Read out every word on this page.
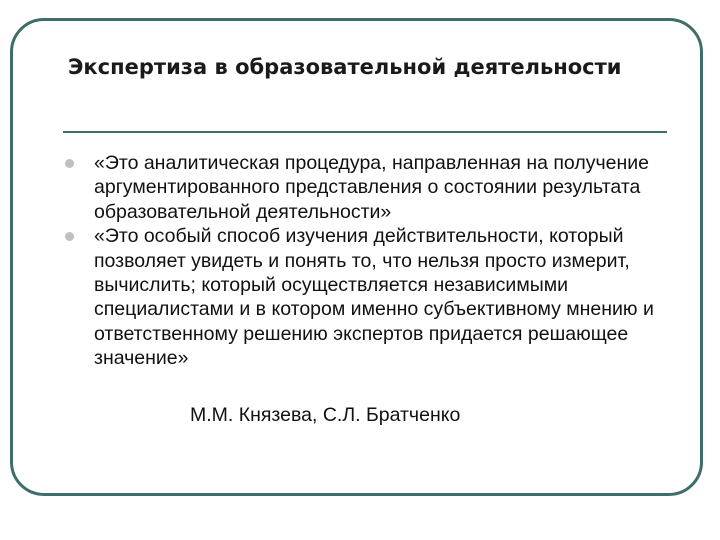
Экспертиза в образовательной деятельности
«Это аналитическая процедура, направленная на получение аргументированного представления о состоянии результата образовательной деятельности»
«Это особый способ изучения действительности, который позволяет увидеть и понять то, что нельзя просто измерит, вычислить; который осуществляется независимыми специалистами и в котором именно субъективному мнению и ответственному решению экспертов придается решающее значение»
М.М. Князева, С.Л. Братченко
